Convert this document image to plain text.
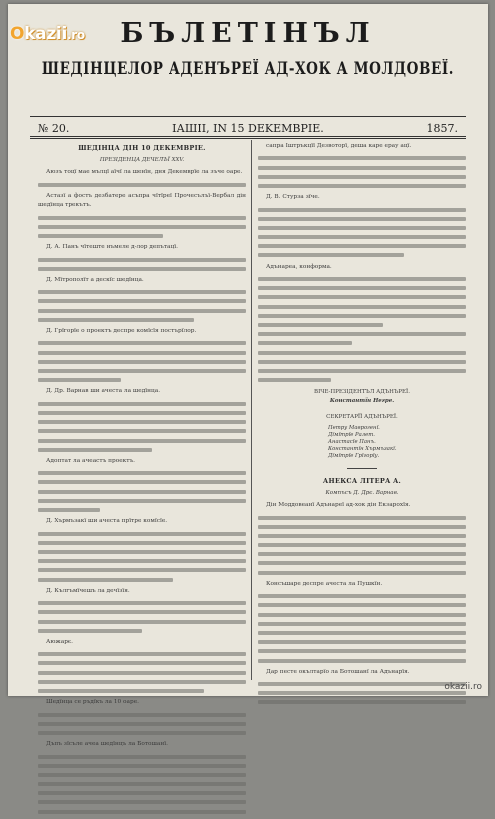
Okazii.ro	БЪЛЕТІНЪЛ
ШЕДІНЦЕЛОР АДЕНЪРЕЇ АД-ХОК А МОЛДОВЕЇ.
№ 20.	ІАШІІ, ІN 15 DEKEMBPIE.	1857.
ШЕДІНЦА ДІН 10 ДЕКЕМВРІЕ.
ПРЕЗІДЕНЦА ДЕЧЕЛЪЇ ХХV.
Аюзъ тоцї мае мълцї аїчї ла шенїн, дня Декемврїе ла зъче оаре.
Астазї а фостъ дезбатере асъпра чїтїреї Прочесълъї-Вербал дін шедїнца трекътъ.
Д. А. Панъ чїтеште нъмеле д-лор депътацї.
Д. Мїтрополїт а дескїс шедїнца.
Д. Грїгорїе о проектъ деспре комїсїя постърїлор.
Д. Др. Варнав ши ачеста ла шедїнца.
Адоптат ла ачеастъ проектъ.
Д. Хърмъзакї ши ачеста прїтре комїсїе.
Д. Кългъмїчешъ ла дечїзїя.
Аюжарє.
Шедїнца се ръдїкъ ла 10 оаре.
Дъпъ зїсъле ачеа шедїнцъ ла Ботошанї.
сапра Іштръкцїї Дезвоторї, деша каре ерау ацї.
Д. В. Стурза зїче.
Адънареа, конформа.
ВІЧЕ-ПРЕЗІДЕНТЪЛ АДЪНЪРЕЇ.
Константїн Негре.
СЕКРЕТАРЇЇ АДЪНЪРЕЇ.
Петру Маврогенї.
Дїмїтрїе Ралет.
Анастасїе Панъ.
Константїн Хърмъзакї.
Дїмїтрїе Грїгорїу.
АНЕКСА ЛІТЕРА A.
Компъсъ Д. Дрє. Варнав.
Дін Моддовеанї Адънареї ад-хок дін Екзарохїя.
Консъшаре деспре ачеста ла Пушкїн.
Дар песте окълтарїо ла Ботошанї ла Адънарїя.
okazii.ro
